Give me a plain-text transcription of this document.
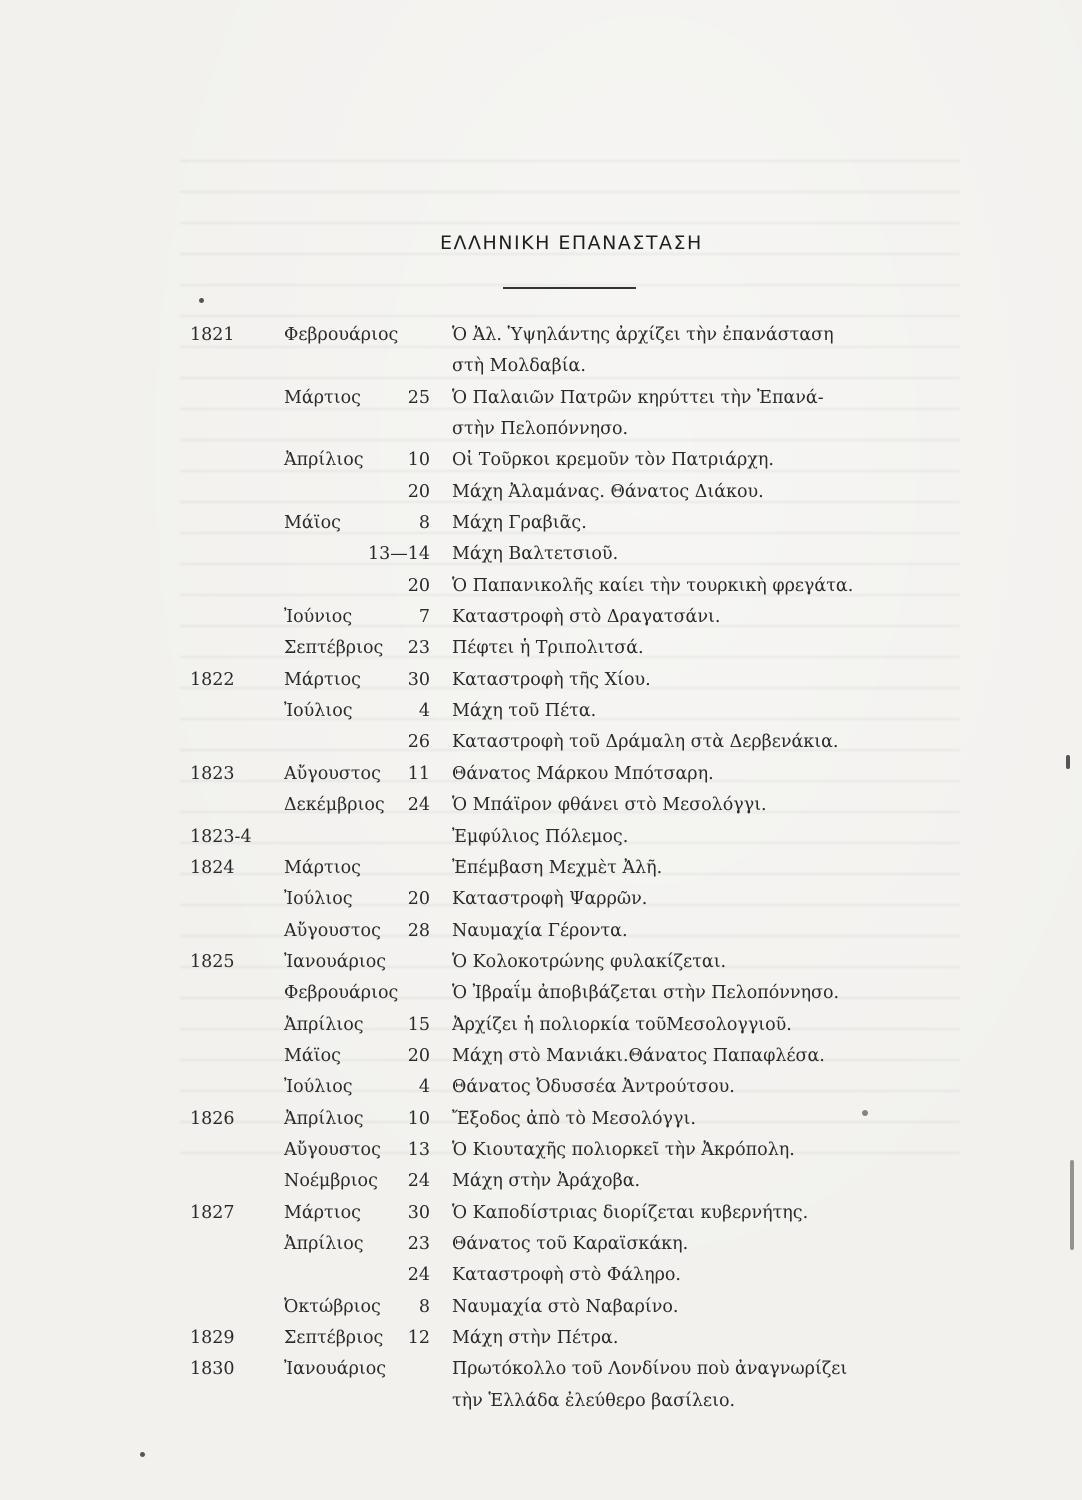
ΕΛΛΗΝΙΚΗ ΕΠΑΝΑΣΤΑΣΗ
1821	Φεβρουάριος	Ὁ Ἀλ. Ὑψηλάντης ἀρχίζει τὴν ἐπανάσταση
στὴ Μολδαβία.
Μάρτιος	25 Ὁ Παλαιῶν Πατρῶν κηρύττει τὴν Ἐπανά-
στὴν Πελοπόννησο.
Ἀπρίλιος	10 Οἱ Τοῦρκοι κρεμοῦν τὸν Πατριάρχη.
20 Μάχη Ἀλαμάνας. Θάνατος Διάκου.
Μάϊος	8 Μάχη Γραβιᾶς.
13—14 Μάχη Βαλτετσιοῦ.
20 Ὁ Παπανικολῆς καίει τὴν τουρκικὴ φρεγάτα.
Ἰούνιος	7 Καταστροφὴ στὸ Δραγατσάνι.
Σεπτέβριος	23 Πέφτει ἡ Τριπολιτσά.
1822	Μάρτιος	30 Καταστροφὴ τῆς Χίου.
Ἰούλιος	4 Μάχη τοῦ Πέτα.
26 Καταστροφὴ τοῦ Δράμαλη στὰ Δερβενάκια.
1823	Αὔγουστος	11 Θάνατος Μάρκου Μπότσαρη.
Δεκέμβριος	24 Ὁ Μπάϊρον φθάνει στὸ Μεσολόγγι.
1823-4	Ἐμφύλιος Πόλεμος.
1824	Μάρτιος	Ἐπέμβαση Μεχμὲτ Ἀλῆ.
Ἰούλιος	20 Καταστροφὴ Ψαρρῶν.
Αὔγουστος	28 Ναυμαχία Γέροντα.
1825	Ἰανουάριος	Ὁ Κολοκοτρώνης φυλακίζεται.
Φεβρουάριος	Ὁ Ἰβραΐμ ἀποβιβάζεται στὴν Πελοπόννησο.
Ἀπρίλιος	15 Ἀρχίζει ἡ πολιορκία τοῦΜεσολογγιοῦ.
Μάϊος	20 Μάχη στὸ Μανιάκι.Θάνατος Παπαφλέσα.
Ἰούλιος	4 Θάνατος Ὀδυσσέα Ἀντρούτσου.
1826	Ἀπρίλιος	10 Ἔξοδος ἀπὸ τὸ Μεσολόγγι.
Αὔγουστος	13 Ὁ Κιουταχῆς πολιορκεῖ τὴν Ἀκρόπολη.
Νοέμβριος	24 Μάχη στὴν Ἀράχοβα.
1827	Μάρτιος	30 Ὁ Καποδίστριας διορίζεται κυβερνήτης.
Ἀπρίλιος	23 Θάνατος τοῦ Καραϊσκάκη.
24 Καταστροφὴ στὸ Φάληρο.
Ὀκτώβριος	8 Ναυμαχία στὸ Ναβαρίνο.
1829	Σεπτέβριος	12 Μάχη στὴν Πέτρα.
1830	Ἰανουάριος	Πρωτόκολλο τοῦ Λονδίνου ποὺ ἀναγνωρίζει
τὴν Ἑλλάδα ἐλεύθερο βασίλειο.
